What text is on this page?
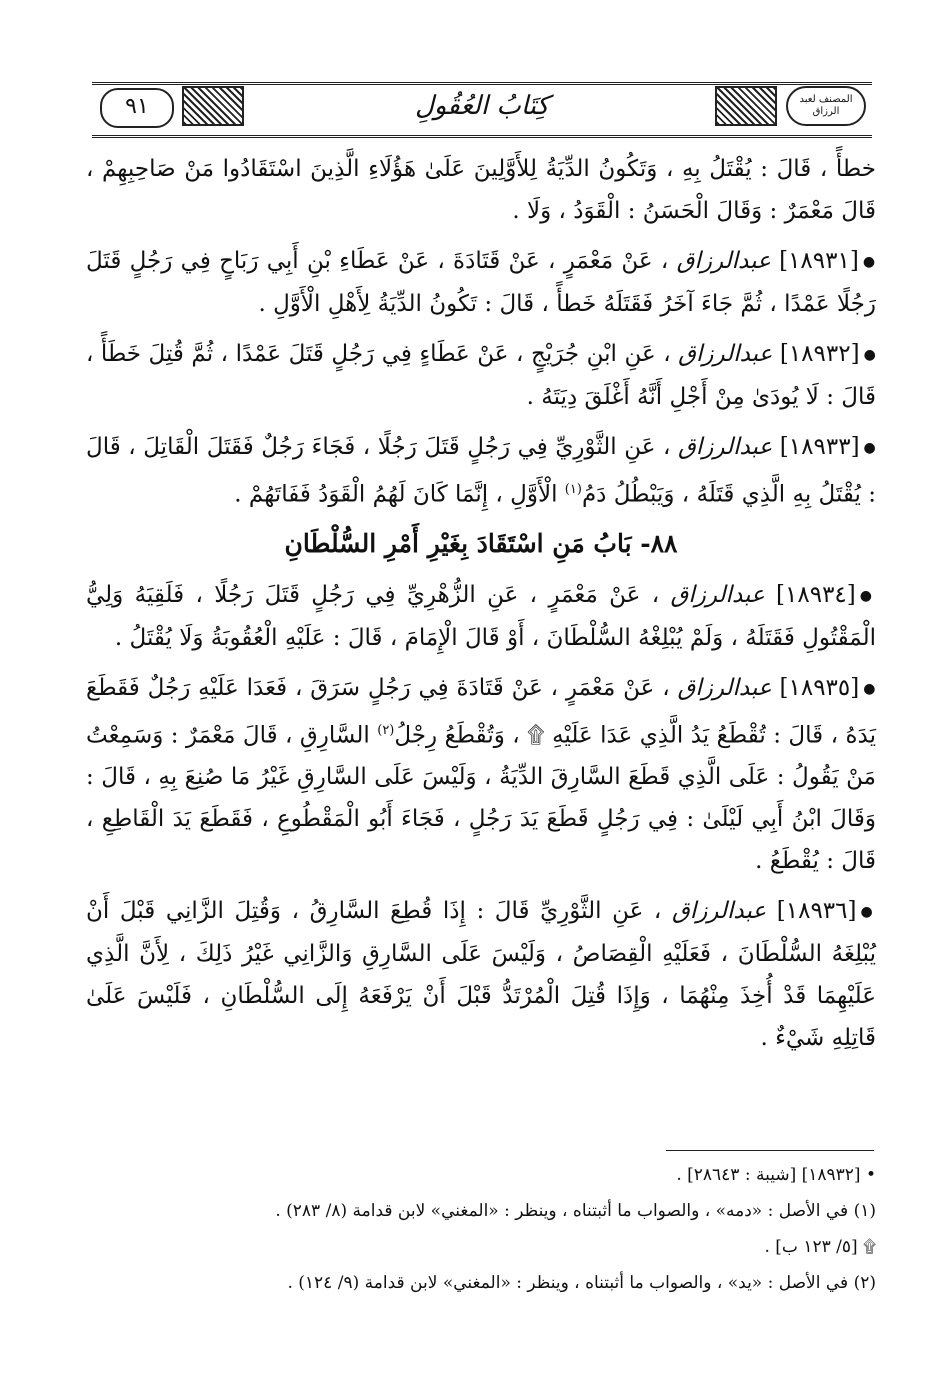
٩١	كِتَابُ العُقُولِ	المصنف لعبد الرزاق

خطأً ، قَالَ : يُقْتَلُ بِهِ ، وَتَكُونُ الدِّيَةُ لِلأَوَّلِينَ عَلَىٰ هَؤُلَاءِ الَّذِينَ اسْتَقَادُوا مَنْ صَاحِبِهِمْ ، قَالَ مَعْمَرٌ : وَقَالَ الْحَسَنُ : الْقَوَدُ ، وَلَا .

●[١٨٩٣١] عبدالرزاق ، عَنْ مَعْمَرٍ ، عَنْ قَتَادَةَ ، عَنْ عَطَاءِ بْنِ أَبِي رَبَاحٍ فِي رَجُلٍ قَتَلَ رَجُلًا عَمْدًا ، ثُمَّ جَاءَ آخَرُ فَقَتَلَهُ خَطأً ، قَالَ : تَكُونُ الدِّيَةُ لِأَهْلِ الْأَوَّلِ .

●[١٨٩٣٢] عبدالرزاق ، عَنِ ابْنِ جُرَيْجٍ ، عَنْ عَطَاءٍ فِي رَجُلٍ قَتَلَ عَمْدًا ، ثُمَّ قُتِلَ خَطَأً ، قَالَ : لَا يُودَىٰ مِنْ أَجْلِ أَنَّهُ أَغْلَقَ دِيَتَهُ .

●[١٨٩٣٣] عبدالرزاق ، عَنِ الثَّوْرِيِّ فِي رَجُلٍ قَتَلَ رَجُلًا ، فَجَاءَ رَجُلٌ فَقَتَلَ الْقَاتِلَ ، قَالَ : يُقْتَلُ بِهِ الَّذِي قَتَلَهُ ، وَيَبْطُلُ دَمُ$^{(١)}$ الْأَوَّلِ ، إِنَّمَا كَانَ لَهُمُ الْقَوَدُ فَفَاتَهُمْ .

٨٨- بَابُ مَنِ اسْتَقَادَ بِغَيْرِ أَمْرِ السُّلْطَانِ

●[١٨٩٣٤] عبدالرزاق ، عَنْ مَعْمَرٍ ، عَنِ الزُّهْرِيِّ فِي رَجُلٍ قَتَلَ رَجُلًا ، فَلَقِيَهُ وَلِيُّ الْمَقْتُولِ فَقَتَلَهُ ، وَلَمْ يُبْلِغْهُ السُّلْطَانَ ، أَوْ قَالَ الْإِمَامَ ، قَالَ : عَلَيْهِ الْعُقُوبَةُ وَلَا يُقْتَلُ .

●[١٨٩٣٥] عبدالرزاق ، عَنْ مَعْمَرٍ ، عَنْ قَتَادَةَ فِي رَجُلٍ سَرَقَ ، فَعَدَا عَلَيْهِ رَجُلٌ فَقَطَعَ يَدَهُ ، قَالَ : تُقْطَعُ يَدُ الَّذِي عَدَا عَلَيْهِ ۩ ، وَتُقْطَعُ رِجْلُ$^{(٢)}$ السَّارِقِ ، قَالَ مَعْمَرٌ : وَسَمِعْتُ مَنْ يَقُولُ : عَلَى الَّذِي قَطَعَ السَّارِقَ الدِّيَةُ ، وَلَيْسَ عَلَى السَّارِقِ غَيْرُ مَا صُنِعَ بِهِ ، قَالَ : وَقَالَ ابْنُ أَبِي لَيْلَىٰ : فِي رَجُلٍ قَطَعَ يَدَ رَجُلٍ ، فَجَاءَ أَبُو الْمَقْطُوعِ ، فَقَطَعَ يَدَ الْقَاطِعِ ، قَالَ : يُقْطَعُ .

●[١٨٩٣٦] عبدالرزاق ، عَنِ الثَّوْرِيِّ قَالَ : إِذَا قُطِعَ السَّارِقُ ، وَقُتِلَ الزَّانِي قَبْلَ أَنْ يُبْلِغَهُ السُّلْطَانَ ، فَعَلَيْهِ الْقِصَاصُ ، وَلَيْسَ عَلَى السَّارِقِ وَالزَّانِي غَيْرُ ذَلِكَ ، لِأَنَّ الَّذِي عَلَيْهِمَا قَدْ أُخِذَ مِنْهُمَا ، وَإِذَا قُتِلَ الْمُرْتَدُّ قَبْلَ أَنْ يَرْفَعَهُ إِلَى السُّلْطَانِ ، فَلَيْسَ عَلَىٰ قَاتِلِهِ شَيْءٌ .

• [١٨٩٣٢] [شيبة : ٢٨٦٤٣] .

(١) في الأصل : «دمه» ، والصواب ما أثبتناه ، وينظر : «المغني» لابن قدامة (٨/ ٢٨٣) .

۩ [٥/ ١٢٣ ب] .

(٢) في الأصل : «يد» ، والصواب ما أثبتناه ، وينظر : «المغني» لابن قدامة (٩/ ١٢٤) .
